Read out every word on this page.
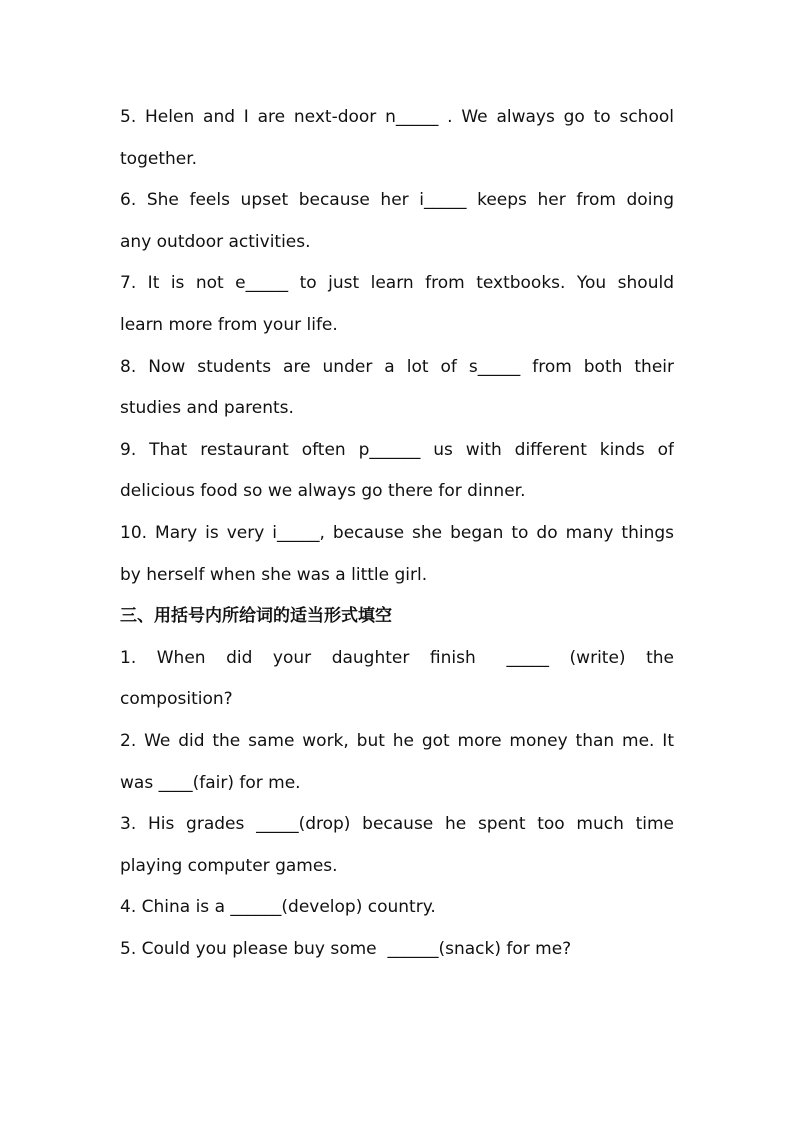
5. Helen and I are next-door n_____ . We always go to school
together.
6. She feels upset because her i_____ keeps her from doing
any outdoor activities.
7. It is not e_____ to just learn from textbooks. You should
learn more from your life.
8. Now students are under a lot of s_____ from both their
studies and parents.
9. That restaurant often p______ us with different kinds of
delicious food so we always go there for dinner.
10. Mary is very i_____, because she began to do many things
by herself when she was a little girl.
三、用括号内所给词的适当形式填空
1.  When  did  your  daughter  finish   _____  (write)  the
composition?
2. We did the same work, but he got more money than me. It
was ____(fair) for me.
3. His grades _____(drop) because he spent too much time
playing computer games.
4. China is a ______(develop) country.
5. Could you please buy some  ______(snack) for me?
